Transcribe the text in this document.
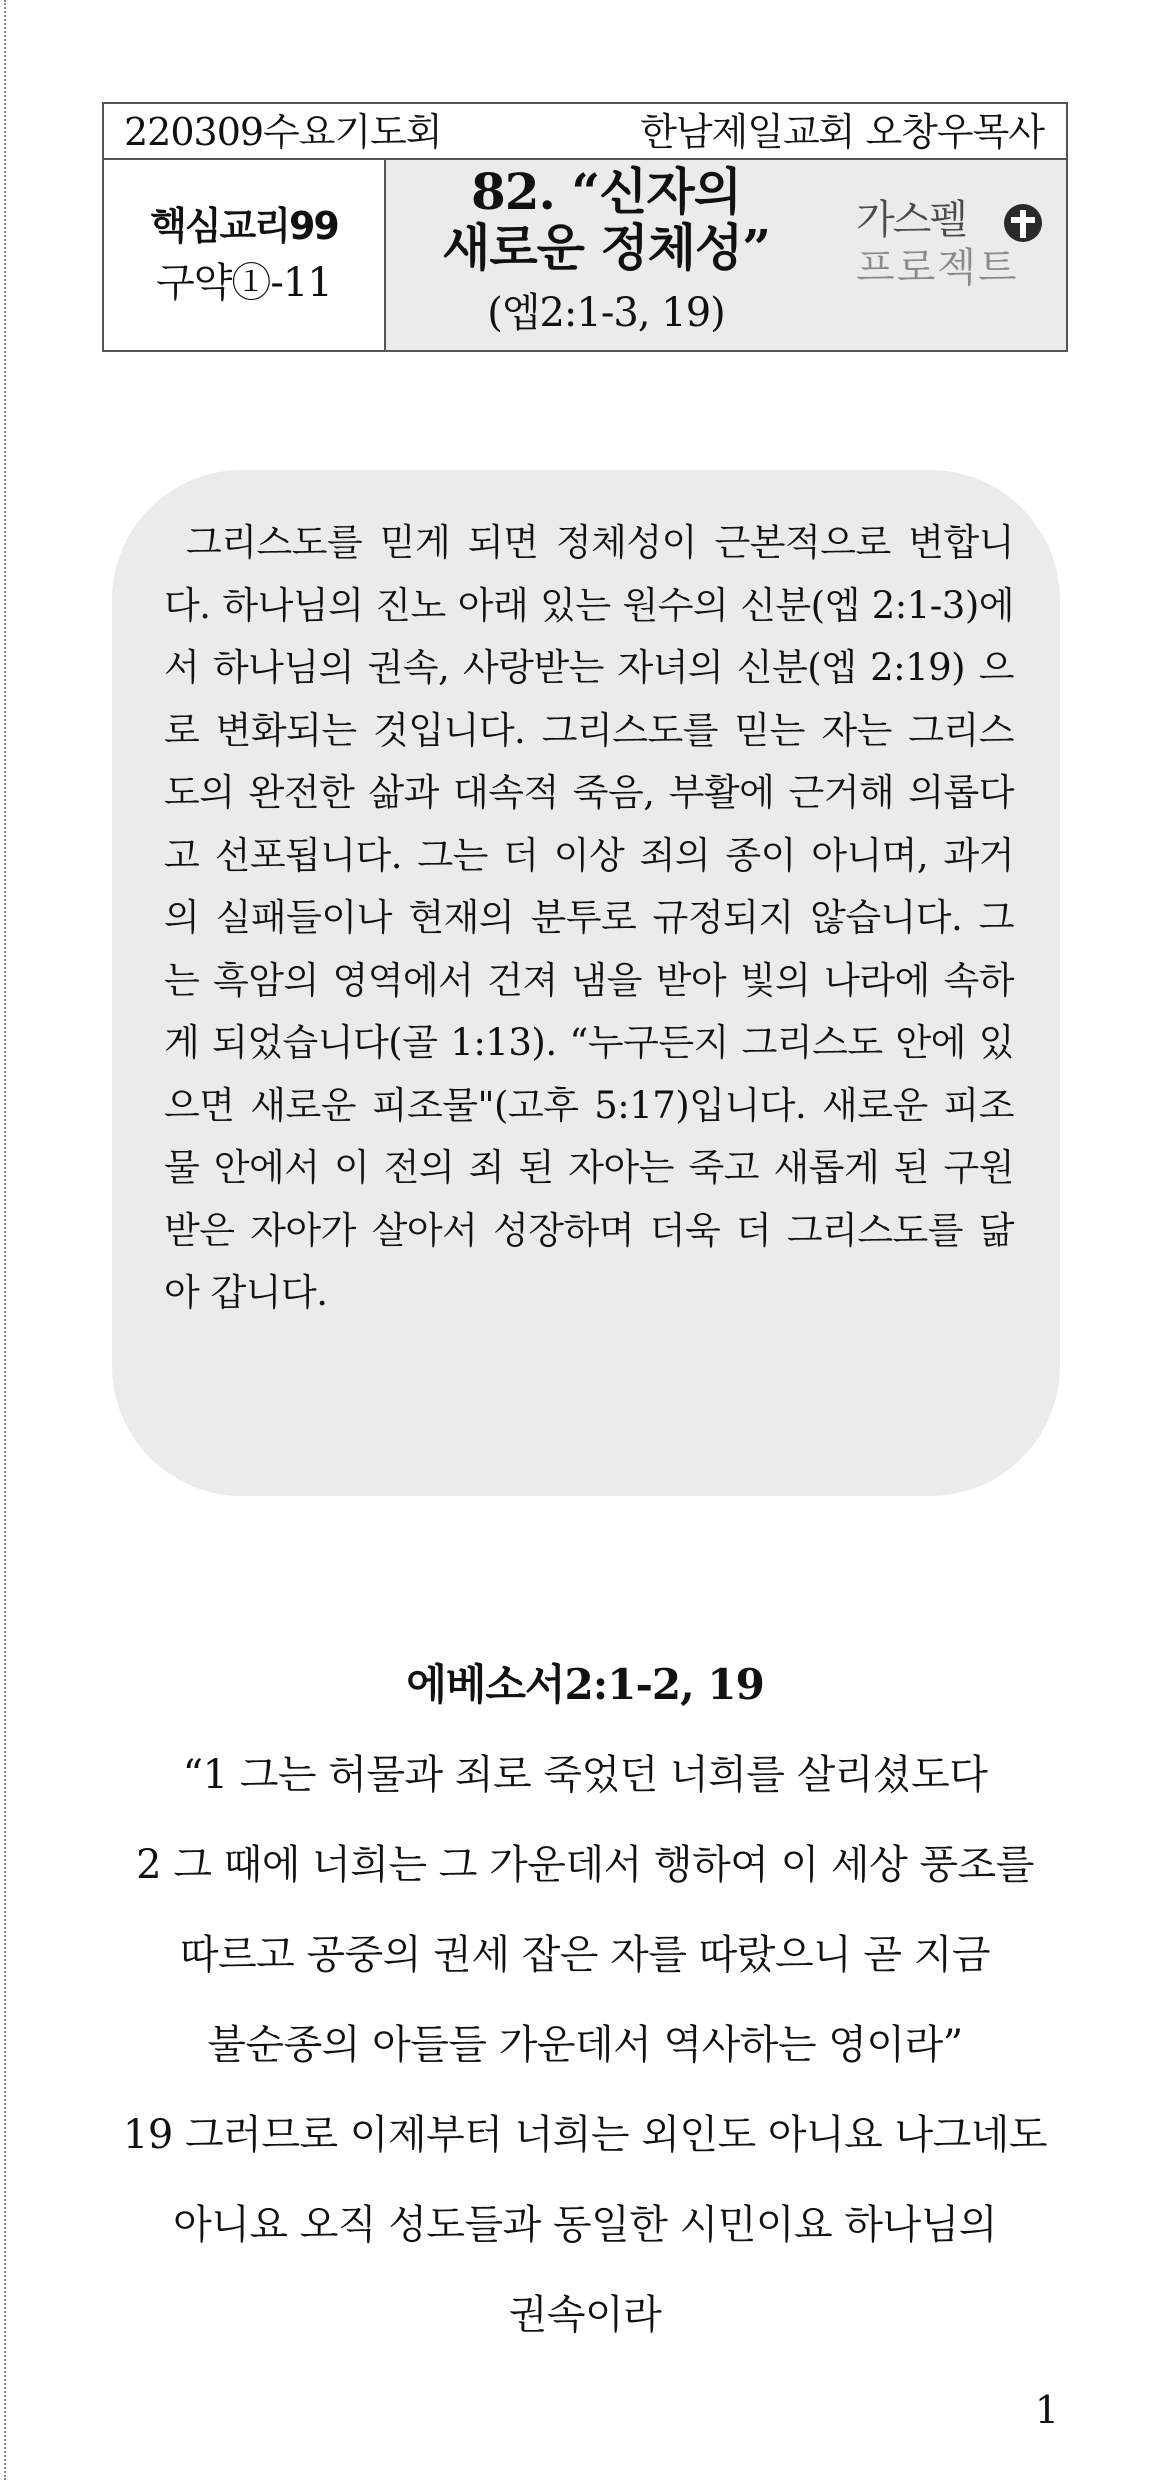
220309수요기도회	한남제일교회 오창우목사
핵심교리99
구약①-11
82. “신자의
새로운 정체성”
(엡2:1-3, 19)
가스펠
프로젝트
그리스도를 믿게 되면 정체성이 근본적으로 변합니다. 하나님의 진노 아래 있는 원수의 신분(엡 2:1-3)에서 하나님의 권속, 사랑받는 자녀의 신분(엡 2:19) 으로 변화되는 것입니다. 그리스도를 믿는 자는 그리스도의 완전한 삶과 대속적 죽음, 부활에 근거해 의롭다고 선포됩니다. 그는 더 이상 죄의 종이 아니며, 과거의 실패들이나 현재의 분투로 규정되지 않습니다. 그는 흑암의 영역에서 건져 냄을 받아 빛의 나라에 속하게 되었습니다(골 1:13). “누구든지 그리스도 안에 있으면 새로운 피조물"(고후 5:17)입니다. 새로운 피조물 안에서 이 전의 죄 된 자아는 죽고 새롭게 된 구원 받은 자아가 살아서 성장하며 더욱 더 그리스도를 닮아 갑니다.
에베소서2:1-2, 19
“1 그는 허물과 죄로 죽었던 너희를 살리셨도다
2 그 때에 너희는 그 가운데서 행하여 이 세상 풍조를
따르고 공중의 권세 잡은 자를 따랐으니 곧 지금
불순종의 아들들 가운데서 역사하는 영이라”
19 그러므로 이제부터 너희는 외인도 아니요 나그네도
아니요 오직 성도들과 동일한 시민이요 하나님의
권속이라
1
